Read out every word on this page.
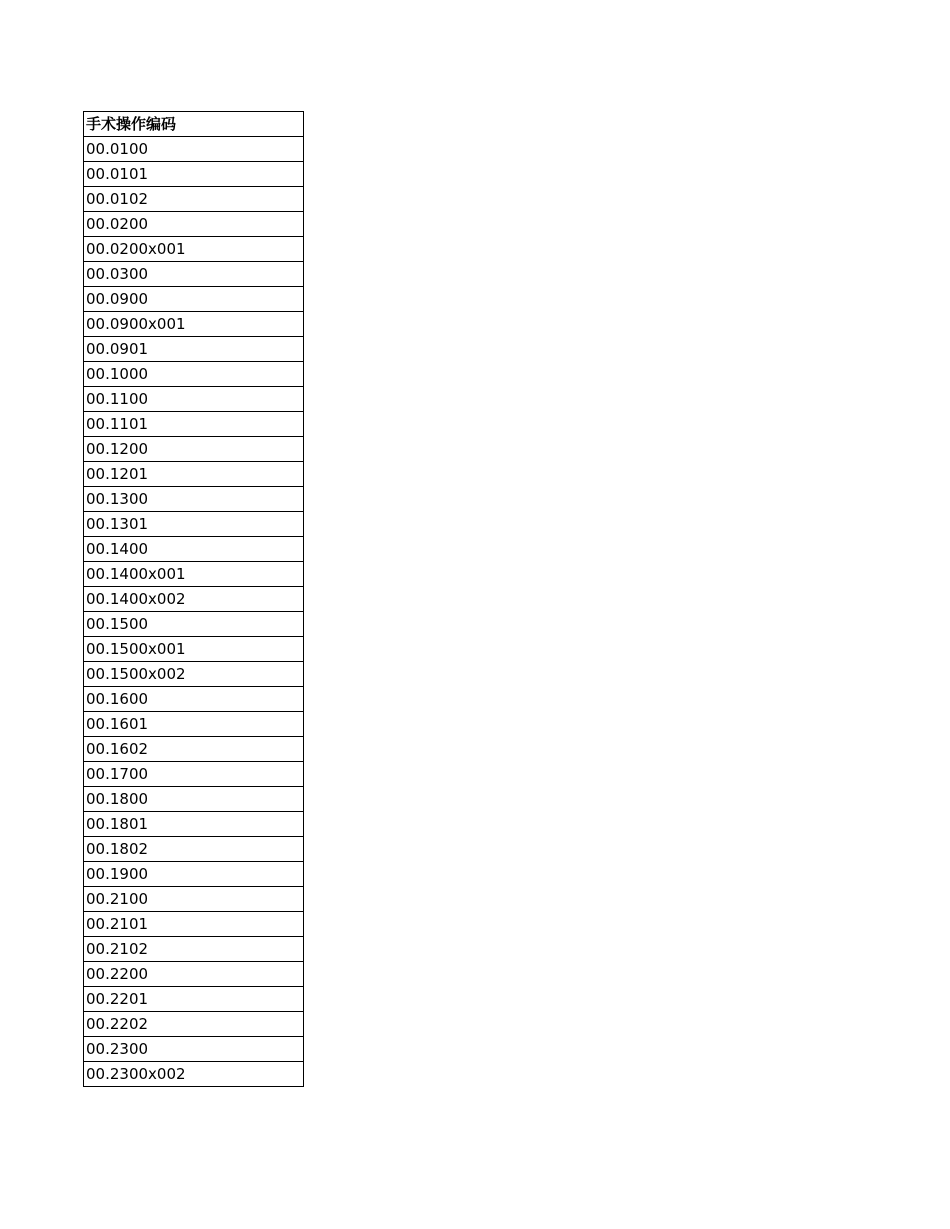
手术操作编码
00.0100
00.0101
00.0102
00.0200
00.0200x001
00.0300
00.0900
00.0900x001
00.0901
00.1000
00.1100
00.1101
00.1200
00.1201
00.1300
00.1301
00.1400
00.1400x001
00.1400x002
00.1500
00.1500x001
00.1500x002
00.1600
00.1601
00.1602
00.1700
00.1800
00.1801
00.1802
00.1900
00.2100
00.2101
00.2102
00.2200
00.2201
00.2202
00.2300
00.2300x002
